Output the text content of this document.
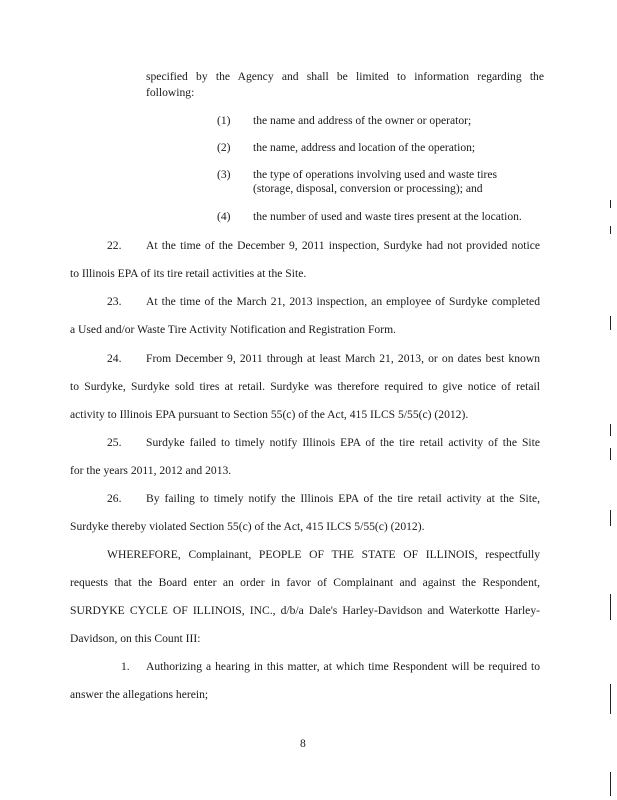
specified by the Agency and shall be limited to information regarding the
following:
(1) the name and address of the owner or operator;
(2) the name, address and location of the operation;
(3) the type of operations involving used and waste tires
(storage, disposal, conversion or processing); and
(4) the number of used and waste tires present at the location.
22. At the time of the December 9, 2011 inspection, Surdyke had not provided notice
to Illinois EPA of its tire retail activities at the Site.
23. At the time of the March 21, 2013 inspection, an employee of Surdyke completed
a Used and/or Waste Tire Activity Notification and Registration Form.
24. From December 9, 2011 through at least March 21, 2013, or on dates best known
to Surdyke, Surdyke sold tires at retail. Surdyke was therefore required to give notice of retail
activity to Illinois EPA pursuant to Section 55(c) of the Act, 415 ILCS 5/55(c) (2012).
25. Surdyke failed to timely notify Illinois EPA of the tire retail activity of the Site
for the years 2011, 2012 and 2013.
26. By failing to timely notify the Illinois EPA of the tire retail activity at the Site,
Surdyke thereby violated Section 55(c) of the Act, 415 ILCS 5/55(c) (2012).
WHEREFORE, Complainant, PEOPLE OF THE STATE OF ILLINOIS, respectfully
requests that the Board enter an order in favor of Complainant and against the Respondent,
SURDYKE CYCLE OF ILLINOIS, INC., d/b/a Dale's Harley-Davidson and Waterkotte Harley-
Davidson, on this Count III:
1. Authorizing a hearing in this matter, at which time Respondent will be required to
answer the allegations herein;
8
